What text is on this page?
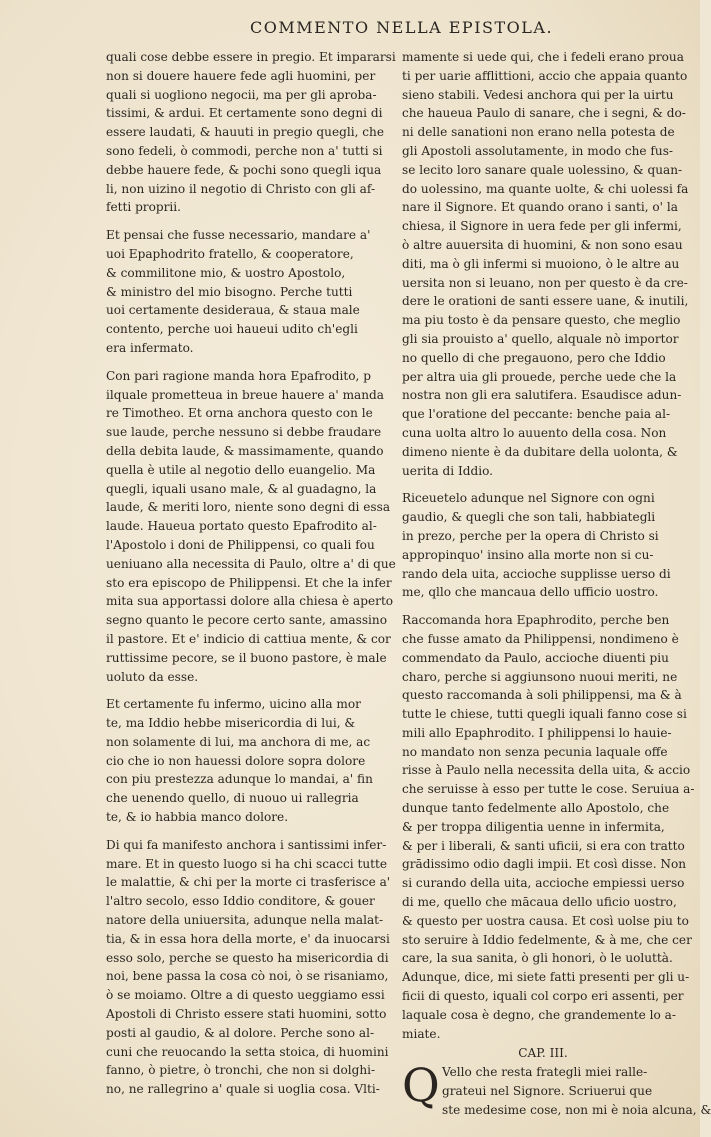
COMMENTO NELLA EPISTOLA.
quali cose debbe essere in pregio. Et impararsi
non si douere hauere fede agli huomini, per
quali si uogliono negocii, ma per gli aproba-
tissimi, & ardui. Et certamente sono degni di
essere laudati, & hauuti in pregio quegli, che
sono fedeli, ò commodi, perche non a' tutti si
debbe hauere fede, & pochi sono quegli iqua
li, non uizino il negotio di Christo con gli af-
fetti proprii.
Et pensai che fusse necessario, mandare a'
uoi Epaphodrito fratello, & cooperatore,
& commilitone mio, & uostro Apostolo,
& ministro del mio bisogno. Perche tutti
uoi certamente desideraua, & staua male
contento, perche uoi haueui udito ch'egli
era infermato.
Con pari ragione manda hora Epafrodito, p
ilquale prometteua in breue hauere a' manda
re Timotheo. Et orna anchora questo con le
sue laude, perche nessuno si debbe fraudare
della debita laude, & massimamente, quando
quella è utile al negotio dello euangelio. Ma
quegli, iquali usano male, & al guadagno, la
laude, & meriti loro, niente sono degni di essa
laude. Haueua portato questo Epafrodito al-
l'Apostolo i doni de Philippensi, co quali fou
ueniuano alla necessita di Paulo, oltre a' di que
sto era episcopo de Philippensi. Et che la infer
mita sua apportassi dolore alla chiesa è aperto
segno quanto le pecore certo sante, amassino
il pastore. Et e' indicio di cattiua mente, & cor
ruttissime pecore, se il buono pastore, è male
uoluto da esse.
Et certamente fu infermo, uicino alla mor
te, ma Iddio hebbe misericordia di lui, &
non solamente di lui, ma anchora di me, ac
cio che io non hauessi dolore sopra dolore
con piu prestezza adunque lo mandai, a' fin
che uenendo quello, di nuouo ui rallegria
te, & io habbia manco dolore.
Di qui fa manifesto anchora i santissimi infer-
mare. Et in questo luogo si ha chi scacci tutte
le malattie, & chi per la morte ci trasferisce a'
l'altro secolo, esso Iddio conditore, & gouer
natore della uniuersita, adunque nella malat-
tia, & in essa hora della morte, e' da inuocarsi
esso solo, perche se questo ha misericordia di
noi, bene passa la cosa cò noi, ò se risaniamo,
ò se moiamo. Oltre a di questo ueggiamo essi
Apostoli di Christo essere stati huomini, sotto
posti al gaudio, & al dolore. Perche sono al-
cuni che reuocando la setta stoica, di huomini
fanno, ò pietre, ò tronchi, che non si dolghi-
no, ne rallegrino a' quale si uoglia cosa. Vlti-
mamente si uede qui, che i fedeli erano proua
ti per uarie afflittioni, accio che appaia quanto
sieno stabili. Vedesi anchora qui per la uirtu
che haueua Paulo di sanare, che i segni, & do-
ni delle sanationi non erano nella potesta de
gli Apostoli assolutamente, in modo che fus-
se lecito loro sanare quale uolessino, & quan-
do uolessino, ma quante uolte, & chi uolessi fa
nare il Signore. Et quando orano i santi, o' la
chiesa, il Signore in uera fede per gli infermi,
ò altre auuersita di huomini, & non sono esau
diti, ma ò gli infermi si muoiono, ò le altre au
uersita non si leuano, non per questo è da cre-
dere le orationi de santi essere uane, & inutili,
ma piu tosto è da pensare questo, che meglio
gli sia prouisto a' quello, alquale nò importor
no quello di che pregauono, pero che Iddio
per altra uia gli prouede, perche uede che la
nostra non gli era salutifera. Esaudisce adun-
que l'oratione del peccante: benche paia al-
cuna uolta altro lo auuento della cosa. Non
dimeno niente è da dubitare della uolonta, &
uerita di Iddio.
Riceuetelo adunque nel Signore con ogni
gaudio, & quegli che son tali, habbiategli
in prezo, perche per la opera di Christo si
appropinquo' insino alla morte non si cu-
rando dela uita, accioche supplisse uerso di
me, qllo che mancaua dello ufficio uostro.
Raccomanda hora Epaphrodito, perche ben
che fusse amato da Philippensi, nondimeno è
commendato da Paulo, accioche diuenti piu
charo, perche si aggiunsono nuoui meriti, ne
questo raccomanda à soli philippensi, ma & à
tutte le chiese, tutti quegli iquali fanno cose si
mili allo Epaphrodito. I philippensi lo hauie-
no mandato non senza pecunia laquale offe
risse à Paulo nella necessita della uita, & accio
che seruisse à esso per tutte le cose. Seruiua a-
dunque tanto fedelmente allo Apostolo, che
& per troppa diligentia uenne in infermita,
& per i liberali, & santi uficii, si era con tratto
grādissimo odio dagli impii. Et così disse. Non
si curando della uita, accioche empiessi uerso
di me, quello che mācaua dello uficio uostro,
& questo per uostra causa. Et così uolse piu to
sto seruire à Iddio fedelmente, & à me, che cer
care, la sua sanita, ò gli honori, ò le uoluttà.
Adunque, dice, mi siete fatti presenti per gli u-
ficii di questo, iquali col corpo eri assenti, per
laquale cosa è degno, che grandemente lo a-
miate.
CAP. III.
Q Vello che resta frategli miei ralle-
grateui nel Signore. Scriuerui que
ste medesime cose, non mi è noia alcuna, &
